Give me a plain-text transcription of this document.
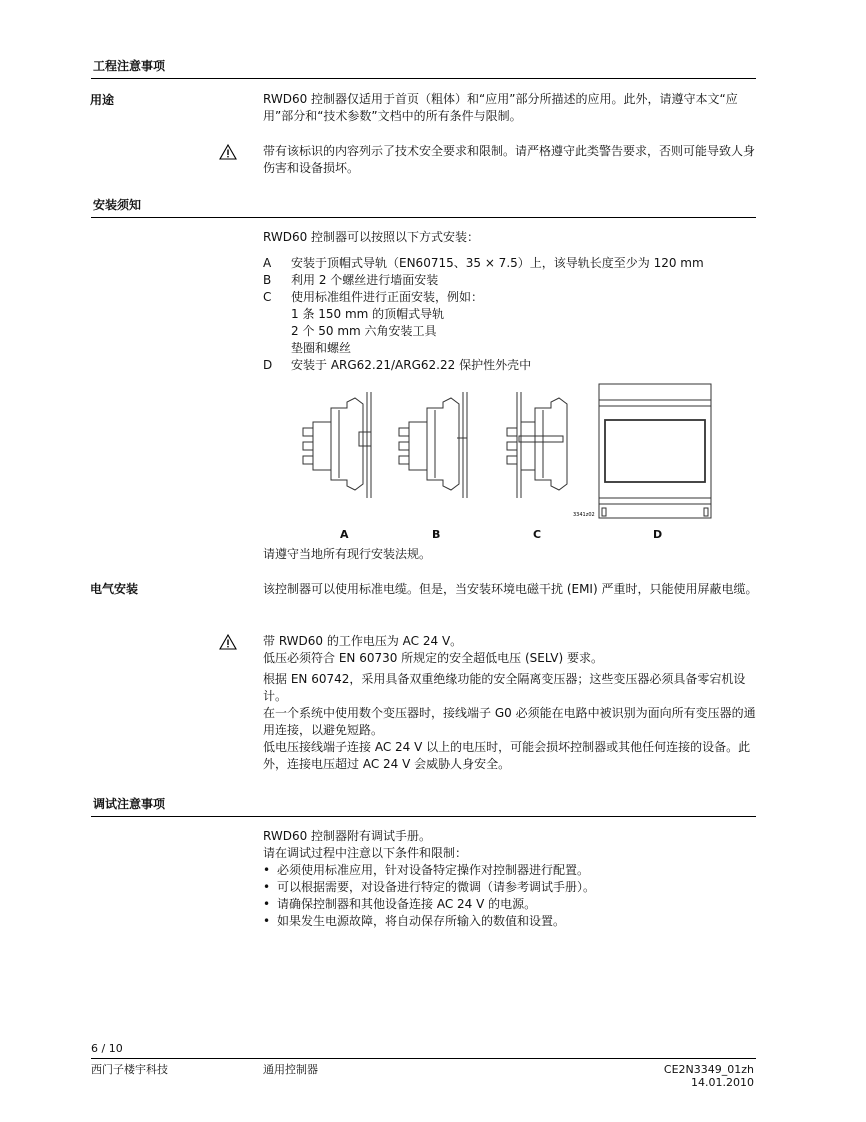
工程注意事项
用途	RWD60 控制器仅适用于首页（粗体）和“应用”部分所描述的应用。此外，请遵守本文“应用”部分和“技术参数”文档中的所有条件与限制。
带有该标识的内容列示了技术安全要求和限制。请严格遵守此类警告要求，否则可能导致人身伤害和设备损坏。
安装须知
RWD60 控制器可以按照以下方式安装：
A	安装于顶帽式导轨（EN60715、35 × 7.5）上，该导轨长度至少为 120 mm
B	利用 2 个螺丝进行墙面安装
C	使用标准组件进行正面安装，例如：
1 条 150 mm 的顶帽式导轨
2 个 50 mm 六角安装工具
垫圈和螺丝
D	安装于 ARG62.21/ARG62.22 保护性外壳中
3341z02
A	B	C	D
请遵守当地所有现行安装法规。
电气安装	该控制器可以使用标准电缆。但是，当安装环境电磁干扰 (EMI) 严重时，只能使用屏蔽电缆。
带 RWD60 的工作电压为 AC 24 V。
低压必须符合 EN 60730 所规定的安全超低电压 (SELV) 要求。
根据 EN 60742，采用具备双重绝缘功能的安全隔离变压器；这些变压器必须具备零宕机设计。
在一个系统中使用数个变压器时，接线端子 G0 必须能在电路中被识别为面向所有变压器的通用连接，以避免短路。
低电压接线端子连接 AC 24 V 以上的电压时，可能会损坏控制器或其他任何连接的设备。此外，连接电压超过 AC 24 V 会威胁人身安全。
调试注意事项
RWD60 控制器附有调试手册。
请在调试过程中注意以下条件和限制：
• 必须使用标准应用，针对设备特定操作对控制器进行配置。
• 可以根据需要，对设备进行特定的微调（请参考调试手册）。
• 请确保控制器和其他设备连接 AC 24 V 的电源。
• 如果发生电源故障，将自动保存所输入的数值和设置。
6 / 10
西门子楼宇科技	通用控制器	CE2N3349_01zh
14.01.2010
